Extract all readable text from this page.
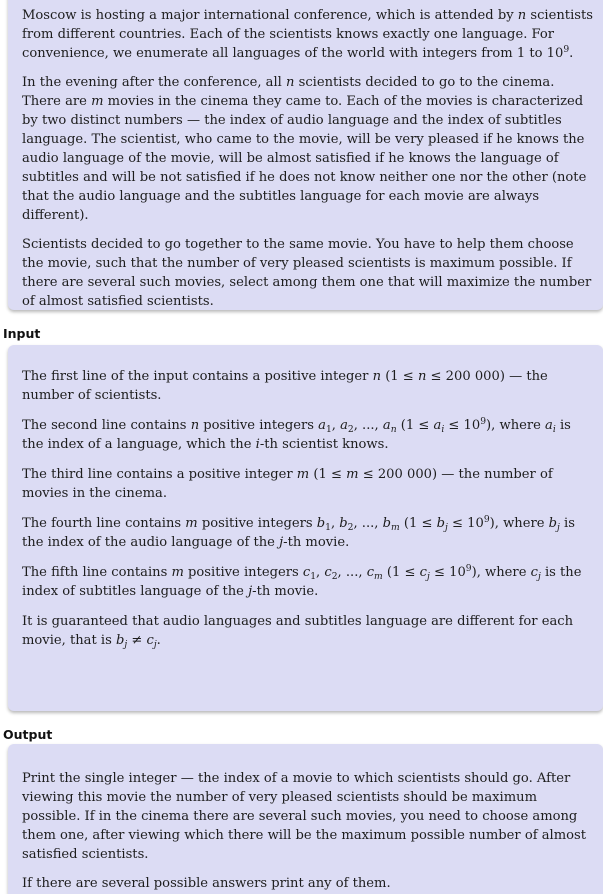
Moscow is hosting a major international conference, which is attended by n scientists from different countries. Each of the scientists knows exactly one language. For convenience, we enumerate all languages of the world with integers from 1 to $10^9$.

In the evening after the conference, all n scientists decided to go to the cinema. There are m movies in the cinema they came to. Each of the movies is characterized by two distinct numbers — the index of audio language and the index of subtitles language. The scientist, who came to the movie, will be very pleased if he knows the audio language of the movie, will be almost satisfied if he knows the language of subtitles and will be not satisfied if he does not know neither one nor the other (note that the audio language and the subtitles language for each movie are always different).

Scientists decided to go together to the same movie. You have to help them choose the movie, such that the number of very pleased scientists is maximum possible. If there are several such movies, select among them one that will maximize the number of almost satisfied scientists.

Input

The first line of the input contains a positive integer n (1 ≤ n ≤ 200 000) — the number of scientists.

The second line contains n positive integers $a_1$, $a_2$, ..., $a_n$ $(1 \le a_i \le 10^9)$, where $a_i$ is the index of a language, which the i-th scientist knows.

The third line contains a positive integer m (1 ≤ m ≤ 200 000) — the number of movies in the cinema.

The fourth line contains m positive integers $b_1$, $b_2$, ..., $b_m$ $(1 \le b_j \le 10^9)$, where $b_j$ is the index of the audio language of the j-th movie.

The fifth line contains m positive integers $c_1$, $c_2$, ..., $c_m$ $(1 \le c_j \le 10^9)$, where $c_j$ is the index of subtitles language of the j-th movie.

It is guaranteed that audio languages and subtitles language are different for each movie, that is $b_j \ne c_j$.

Output

Print the single integer — the index of a movie to which scientists should go. After viewing this movie the number of very pleased scientists should be maximum possible. If in the cinema there are several such movies, you need to choose among them one, after viewing which there will be the maximum possible number of almost satisfied scientists.

If there are several possible answers print any of them.
